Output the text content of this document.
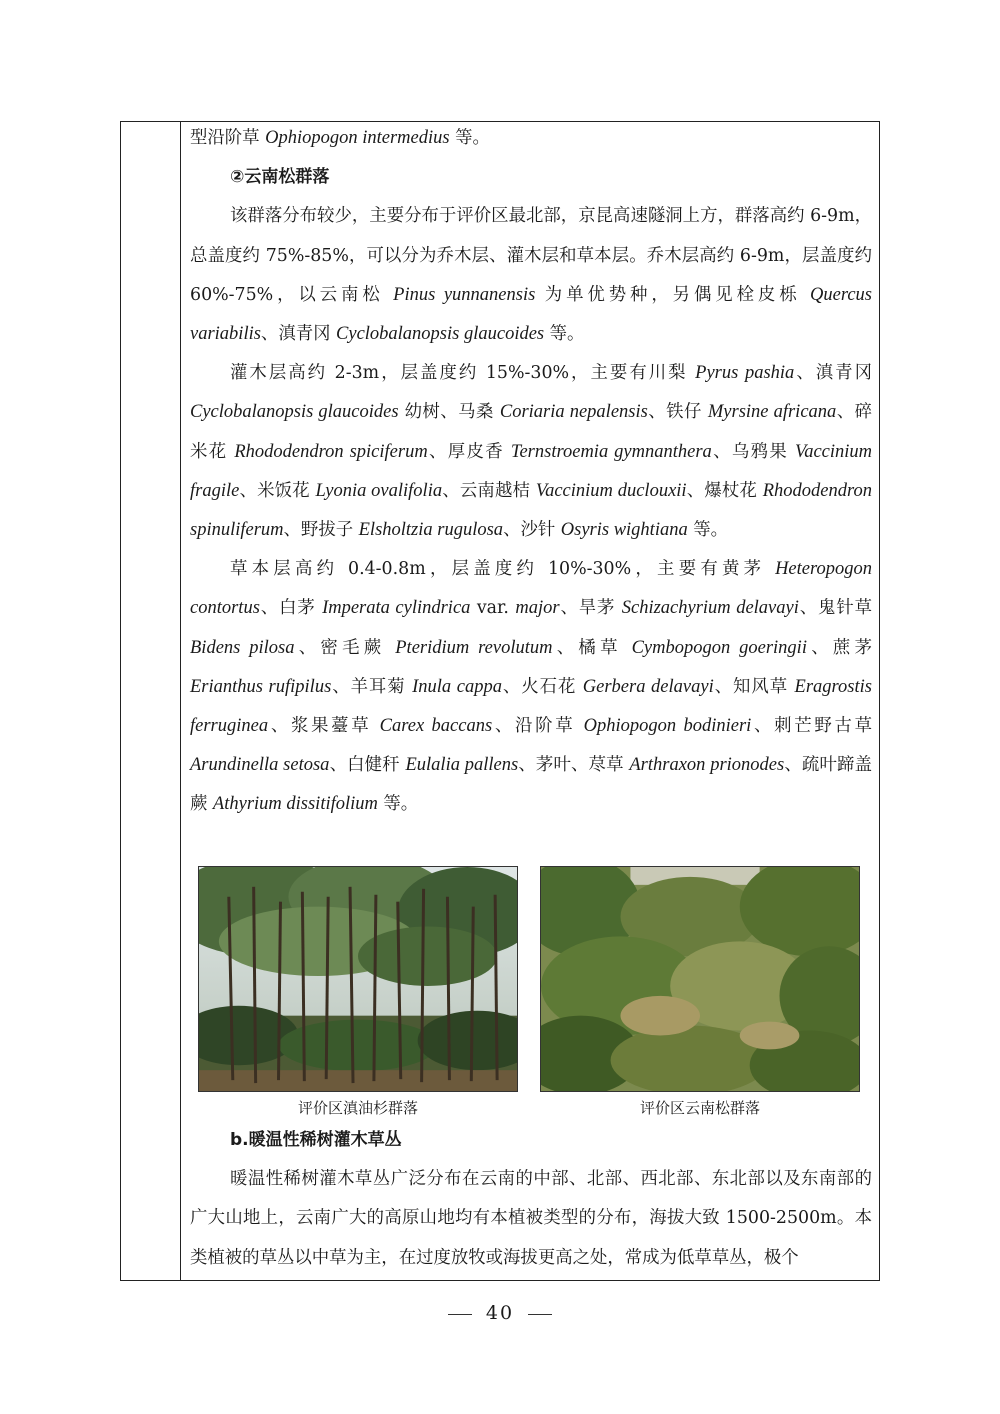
型沿阶草 Ophiopogon intermedius 等。

②云南松群落

该群落分布较少，主要分布于评价区最北部，京昆高速隧洞上方，群落高约 6-9m，总盖度约 75%-85%，可以分为乔木层、灌木层和草本层。乔木层高约 6-9m，层盖度约 60%-75%，以云南松 Pinus yunnanensis 为单优势种，另偶见栓皮栎 Quercus variabilis、滇青冈 Cyclobalanopsis glaucoides 等。

灌木层高约 2-3m，层盖度约 15%-30%，主要有川梨 Pyrus pashia、滇青冈 Cyclobalanopsis glaucoides 幼树、马桑 Coriaria nepalensis、铁仔 Myrsine africana、碎米花 Rhododendron spiciferum、厚皮香 Ternstroemia gymnanthera、乌鸦果 Vaccinium fragile、米饭花 Lyonia ovalifolia、云南越桔 Vaccinium duclouxii、爆杖花 Rhododendron spinuliferum、野拔子 Elsholtzia rugulosa、沙针 Osyris wightiana 等。

草本层高约 0.4-0.8m，层盖度约 10%-30%，主要有黄茅 Heteropogon contortus、白茅 Imperata cylindrica var. major、旱茅 Schizachyrium delavayi、鬼针草 Bidens pilosa、密毛蕨 Pteridium revolutum、橘草 Cymbopogon goeringii、蔗茅 Erianthus rufipilus、羊耳菊 Inula cappa、火石花 Gerbera delavayi、知风草 Eragrostis ferruginea、浆果薹草 Carex baccans、沿阶草 Ophiopogon bodinieri、刺芒野古草 Arundinella setosa、白健秆 Eulalia pallens、茅叶、荩草 Arthraxon prionodes、疏叶蹄盖蕨 Athyrium dissitifolium 等。

评价区滇油杉群落	评价区云南松群落

b.暖温性稀树灌木草丛

暖温性稀树灌木草丛广泛分布在云南的中部、北部、西北部、东北部以及东南部的广大山地上，云南广大的高原山地均有本植被类型的分布，海拔大致 1500-2500m。本类植被的草丛以中草为主，在过度放牧或海拔更高之处，常成为低草草丛，极个

40
